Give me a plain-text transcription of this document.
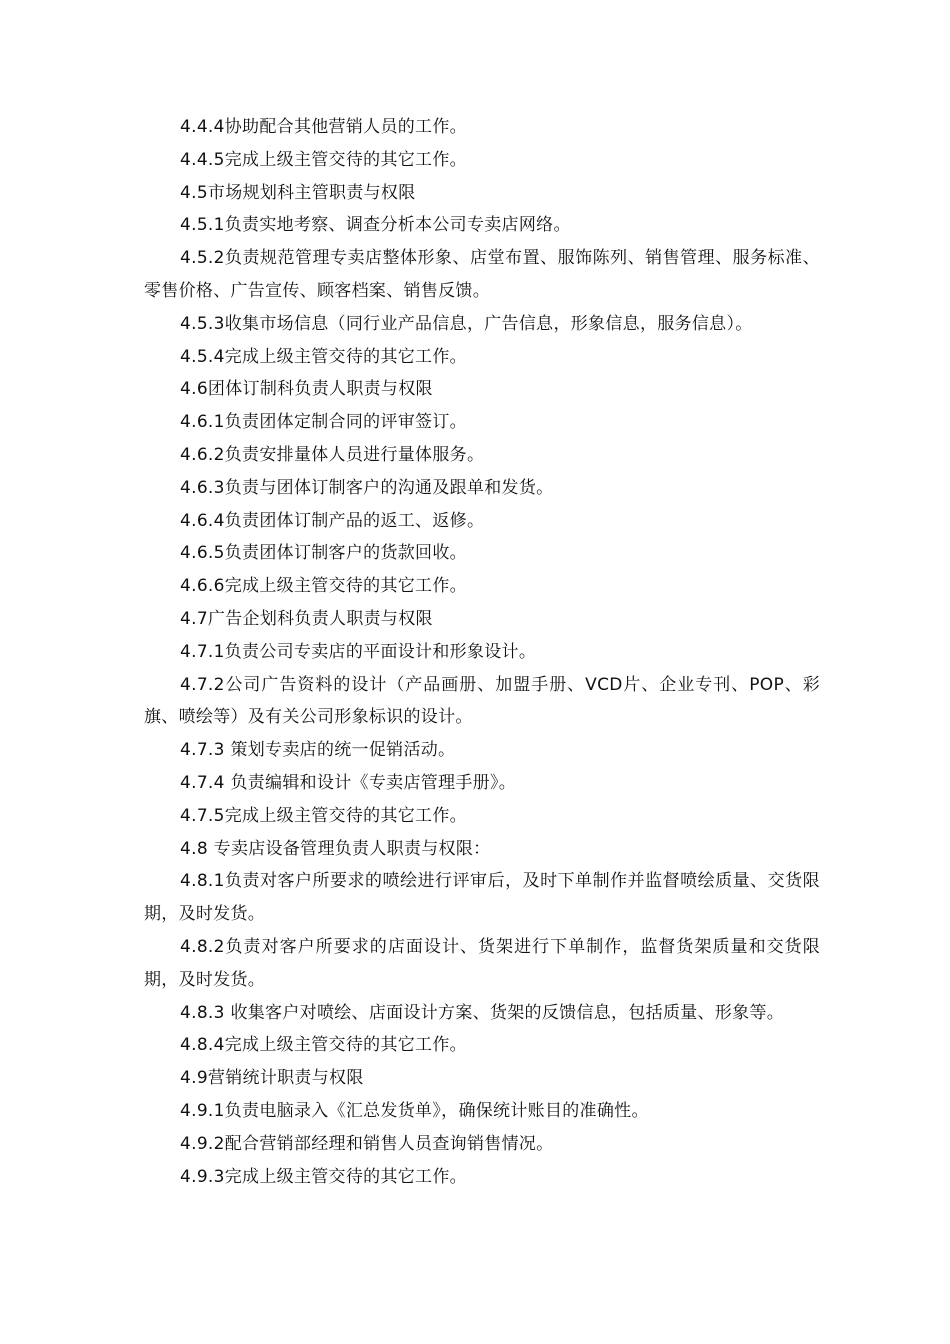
4.4.4协助配合其他营销人员的工作。

4.4.5完成上级主管交待的其它工作。

4.5市场规划科主管职责与权限

4.5.1负责实地考察、调查分析本公司专卖店网络。

4.5.2负责规范管理专卖店整体形象、店堂布置、服饰陈列、销售管理、服务标准、零售价格、广告宣传、顾客档案、销售反馈。

4.5.3收集市场信息（同行业产品信息，广告信息，形象信息，服务信息）。

4.5.4完成上级主管交待的其它工作。

4.6团体订制科负责人职责与权限

4.6.1负责团体定制合同的评审签订。

4.6.2负责安排量体人员进行量体服务。

4.6.3负责与团体订制客户的沟通及跟单和发货。

4.6.4负责团体订制产品的返工、返修。

4.6.5负责团体订制客户的货款回收。

4.6.6完成上级主管交待的其它工作。

4.7广告企划科负责人职责与权限

4.7.1负责公司专卖店的平面设计和形象设计。

4.7.2公司广告资料的设计（产品画册、加盟手册、VCD片、企业专刊、POP、彩旗、喷绘等）及有关公司形象标识的设计。

4.7.3 策划专卖店的统一促销活动。

4.7.4 负责编辑和设计《专卖店管理手册》。

4.7.5完成上级主管交待的其它工作。

4.8 专卖店设备管理负责人职责与权限：

4.8.1负责对客户所要求的喷绘进行评审后，及时下单制作并监督喷绘质量、交货限期，及时发货。

4.8.2负责对客户所要求的店面设计、货架进行下单制作，监督货架质量和交货限期，及时发货。

4.8.3 收集客户对喷绘、店面设计方案、货架的反馈信息，包括质量、形象等。

4.8.4完成上级主管交待的其它工作。

4.9营销统计职责与权限

4.9.1负责电脑录入《汇总发货单》，确保统计账目的准确性。

4.9.2配合营销部经理和销售人员查询销售情况。

4.9.3完成上级主管交待的其它工作。
